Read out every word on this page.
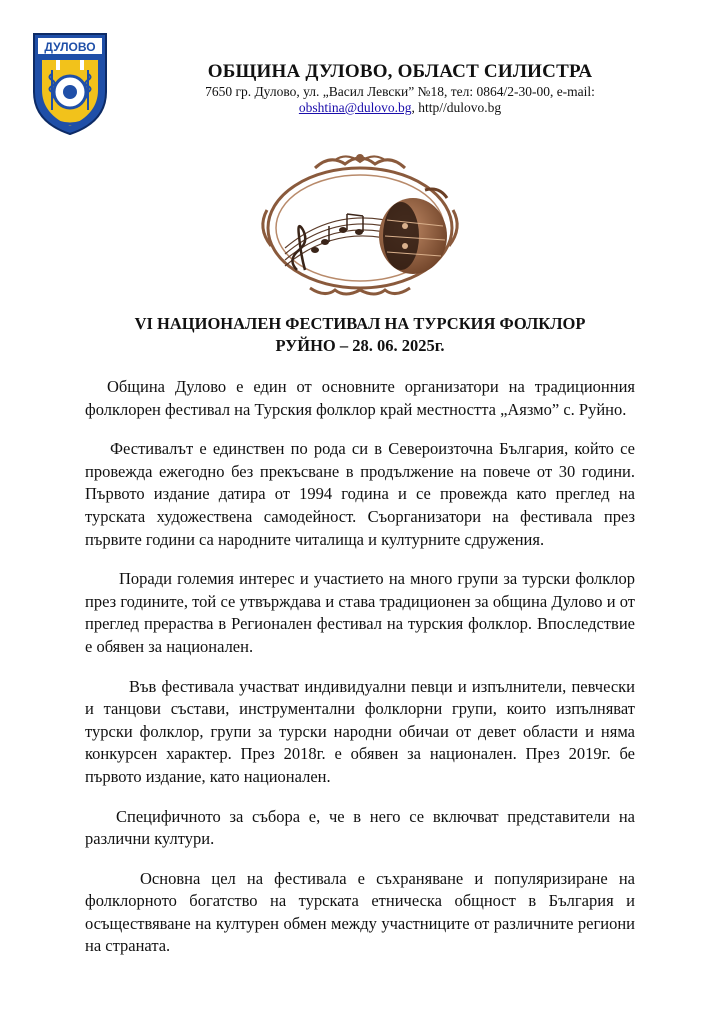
ДУЛОВО
ОБЩИНА ДУЛОВО, ОБЛАСТ СИЛИСТРА
7650 гр. Дулово, ул. „Васил Левски” №18, тел: 0864/2-30-00, e-mail:
obshtina@dulovo.bg, http//dulovo.bg
VI НАЦИОНАЛЕН ФЕСТИВАЛ НА ТУРСКИЯ ФОЛКЛОР
РУЙНО – 28. 06. 2025г.

Община Дулово е един от основните организатори на традиционния фолклорен фестивал на Турския фолклор край местността „Аязмо” с. Руйно.

Фестивалът е единствен по рода си в Североизточна България, който се провежда ежегодно без прекъсване в продължение на повече от 30 години. Първото издание датира от 1994 година и се провежда като преглед на турската художествена самодейност. Съорганизатори на фестивала през първите години са народните читалища и културните сдружения.

Поради големия интерес и участието на много групи за турски фолклор през годините, той се утвърждава и става традиционен за община Дулово и от преглед прераства в Регионален фестивал на турския фолклор. Впоследствие е обявен за национален.

Във фестивала участват индивидуални певци и изпълнители, певчески и танцови състави, инструментални фолклорни групи, които изпълняват турски фолклор, групи за турски народни обичаи от девет области и няма конкурсен характер. През 2018г. е обявен за национален. През 2019г. бе първото издание, като национален.

Специфичното за събора е, че в него се включват представители на различни култури.

Основна цел на фестивала е съхраняване и популяризиране на фолклорното богатство на турската етническа общност в България и осъществяване на културен обмен между участниците от различните региони на страната.
